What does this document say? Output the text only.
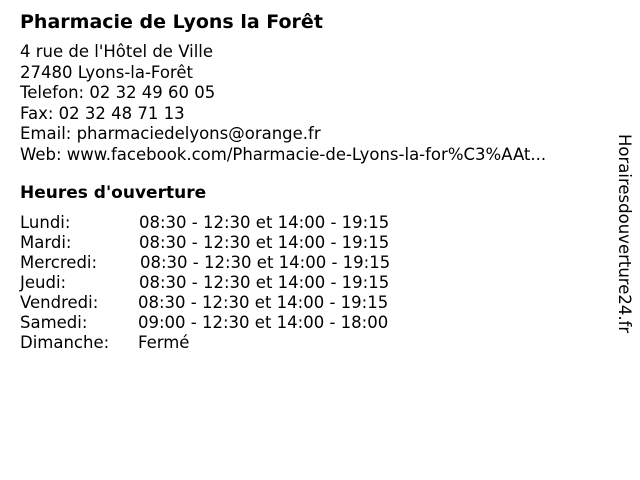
Pharmacie de Lyons la Forêt
4 rue de l'Hôtel de Ville
27480 Lyons-la-Forêt
Telefon: 02 32 49 60 05
Fax: 02 32 48 71 13
Email: pharmaciedelyons@orange.fr
Web: www.facebook.com/Pharmacie-de-Lyons-la-for%C3%AAt...
Heures d'ouverture
Lundi:	08:30 - 12:30 et 14:00 - 19:15
Mardi:	08:30 - 12:30 et 14:00 - 19:15
Mercredi:	08:30 - 12:30 et 14:00 - 19:15
Jeudi:	08:30 - 12:30 et 14:00 - 19:15
Vendredi: 08:30 - 12:30 et 14:00 - 19:15
Samedi:	09:00 - 12:30 et 14:00 - 18:00
Dimanche: Fermé
Horairesdouverture24.fr
